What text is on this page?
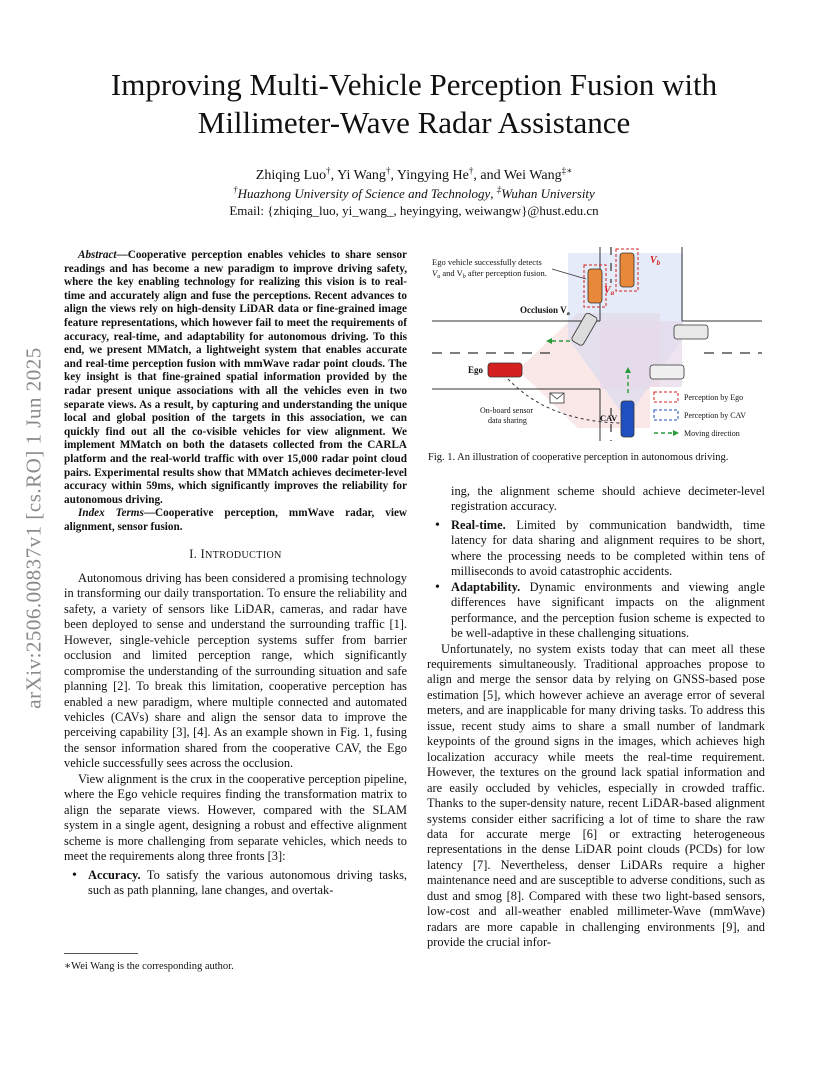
arXiv:2506.00837v1 [cs.RO] 1 Jun 2025
Improving Multi-Vehicle Perception Fusion with
Millimeter-Wave Radar Assistance
Zhiqing Luo†, Yi Wang†, Yingying He†, and Wei Wang‡∗
†Huazhong University of Science and Technology, ‡Wuhan University
Email: {zhiqing_luo, yi_wang_, heyingying, weiwangw}@hust.edu.cn

Abstract—Cooperative perception enables vehicles to share sensor readings and has become a new paradigm to improve driving safety, where the key enabling technology for realizing this vision is to real-time and accurately align and fuse the perceptions. Recent advances to align the views rely on high-density LiDAR data or fine-grained image feature representations, which however fail to meet the requirements of accuracy, real-time, and adaptability for autonomous driving. To this end, we present MMatch, a lightweight system that enables accurate and real-time perception fusion with mmWave radar point clouds. The key insight is that fine-grained spatial information provided by the radar present unique associations with all the vehicles even in two separate views. As a result, by capturing and understanding the unique local and global position of the targets in this association, we can quickly find out all the co-visible vehicles for view alignment. We implement MMatch on both the datasets collected from the CARLA platform and the real-world traffic with over 15,000 radar point cloud pairs. Experimental results show that MMatch achieves decimeter-level accuracy within 59ms, which significantly improves the reliability for autonomous driving.

Index Terms—Cooperative perception, mmWave radar, view alignment, sensor fusion.

I. INTRODUCTION

Autonomous driving has been considered a promising technology in transforming our daily transportation. To ensure the reliability and safety, a variety of sensors like LiDAR, cameras, and radar have been deployed to sense and understand the surrounding traffic [1]. However, single-vehicle perception systems suffer from barrier occlusion and limited perception range, which significantly compromise the understanding of the surrounding situation and safe planning [2]. To break this limitation, cooperative perception has enabled a new paradigm, where multiple connected and automated vehicles (CAVs) share and align the sensor data to improve the perceiving capability [3], [4]. As an example shown in Fig. 1, fusing the sensor information shared from the cooperative CAV, the Ego vehicle successfully sees across the occlusion.

View alignment is the crux in the cooperative perception pipeline, where the Ego vehicle requires finding the transformation matrix to align the separate views. However, compared with the SLAM system in a single agent, designing a robust and effective alignment scheme is more challenging from separate vehicles, which needs to meet the requirements along three fronts [3]:

• Accuracy. To satisfy the various autonomous driving tasks, such as path planning, lane changes, and overtak-
∗Wei Wang is the corresponding author.
Ego vehicle successfully detects
$V_a$ and $V_b$ after perception fusion.
$V_b$
$V_a$
Occlusion $V_a$
Ego
CAV
On-board sensor
data sharing
Perception by Ego
Perception by CAV
Moving direction
Fig. 1. An illustration of cooperative perception in autonomous driving.
ing, the alignment scheme should achieve decimeter-level registration accuracy.
• Real-time. Limited by communication bandwidth, time latency for data sharing and alignment requires to be short, where the processing needs to be completed within tens of milliseconds to avoid catastrophic accidents.
• Adaptability. Dynamic environments and viewing angle differences have significant impacts on the alignment performance, and the perception fusion scheme is expected to be well-adaptive in these challenging situations.

Unfortunately, no system exists today that can meet all these requirements simultaneously. Traditional approaches propose to align and merge the sensor data by relying on GNSS-based pose estimation [5], which however achieve an average error of several meters, and are inapplicable for many driving tasks. To address this issue, recent study aims to share a small number of landmark keypoints of the ground signs in the images, which achieves high localization accuracy while meets the real-time requirement. However, the textures on the ground lack spatial information and are easily occluded by vehicles, especially in crowded traffic. Thanks to the super-density nature, recent LiDAR-based alignment systems consider either sacrificing a lot of time to share the raw data for accurate merge [6] or extracting heterogeneous representations in the dense LiDAR point clouds (PCDs) for low latency [7]. Nevertheless, denser LiDARs require a higher maintenance need and are susceptible to adverse conditions, such as dust and smog [8]. Compared with these two light-based sensors, low-cost and all-weather enabled millimeter-Wave (mmWave) radars are more capable in challenging environments [9], and provide the crucial infor-
